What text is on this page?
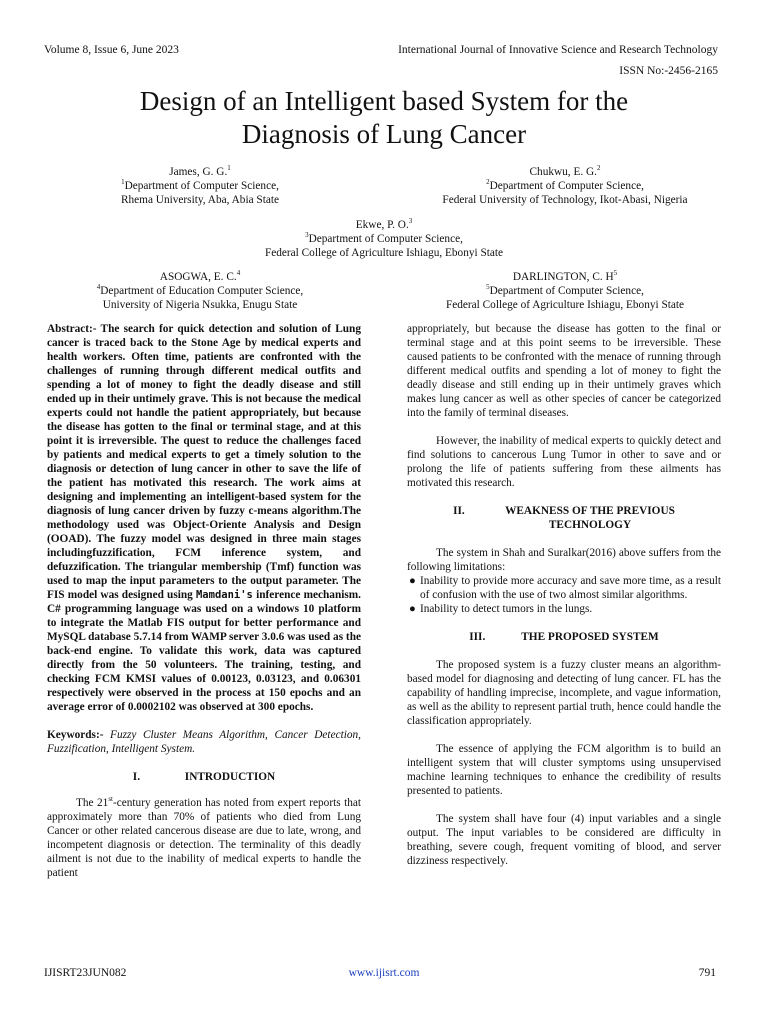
Volume 8, Issue 6, June 2023	International Journal of Innovative Science and Research Technology
ISSN No:-2456-2165
Design of an Intelligent based System for the
Diagnosis of Lung Cancer
James, G. G.$^1$
$^1$Department of Computer Science,
Rhema University, Aba, Abia State
Chukwu, E. G.$^2$
$^2$Department of Computer Science,
Federal University of Technology, Ikot-Abasi, Nigeria
Ekwe, P. O.$^3$
$^3$Department of Computer Science,
Federal College of Agriculture Ishiagu, Ebonyi State
ASOGWA, E. C.$^4$
$^4$Department of Education Computer Science,
University of Nigeria Nsukka, Enugu State
DARLINGTON, C. $H^5$
$^5$Department of Computer Science,
Federal College of Agriculture Ishiagu, Ebonyi State

Abstract:- The search for quick detection and solution of Lung cancer is traced back to the Stone Age by medical experts and health workers. Often time, patients are confronted with the challenges of running through different medical outfits and spending a lot of money to fight the deadly disease and still ended up in their untimely grave. This is not because the medical experts could not handle the patient appropriately, but because the disease has gotten to the final or terminal stage, and at this point it is irreversible. The quest to reduce the challenges faced by patients and medical experts to get a timely solution to the diagnosis or detection of lung cancer in other to save the life of the patient has motivated this research. The work aims at designing and implementing an intelligent-based system for the diagnosis of lung cancer driven by fuzzy c-means algorithm.The methodology used was Object-Oriente Analysis and Design (OOAD). The fuzzy model was designed in three main stages includingfuzzification, FCM inference system, and defuzzification. The triangular membership (Tmf) function was used to map the input parameters to the output parameter. The FIS model was designed using Mamdani's inference mechanism. C# programming language was used on a windows 10 platform to integrate the Matlab FIS output for better performance and MySQL database 5.7.14 from WAMP server 3.0.6 was used as the back-end engine. To validate this work, data was captured directly from the 50 volunteers. The training, testing, and checking FCM KMSI values of 0.00123, 0.03123, and 0.06301 respectively were observed in the process at 150 epochs and an average error of 0.0002102 was observed at 300 epochs.

Keywords:- Fuzzy Cluster Means Algorithm, Cancer Detection, Fuzzification, Intelligent System.

I.	INTRODUCTION

The 21st-century generation has noted from expert reports that approximately more than 70% of patients who died from Lung Cancer or other related cancerous disease are due to late, wrong, and incompetent diagnosis or detection. The terminality of this deadly ailment is not due to the inability of medical experts to handle the patient

appropriately, but because the disease has gotten to the final or terminal stage and at this point seems to be irreversible. These caused patients to be confronted with the menace of running through different medical outfits and spending a lot of money to fight the deadly disease and still ending up in their untimely graves which makes lung cancer as well as other species of cancer be categorized into the family of terminal diseases.

However, the inability of medical experts to quickly detect and find solutions to cancerous Lung Tumor in other to save and or prolong the life of patients suffering from these ailments has motivated this research.

II.	WEAKNESS OF THE PREVIOUS
TECHNOLOGY

The system in Shah and Suralkar(2016) above suffers from the following limitations:

● Inability to provide more accuracy and save more time, as a result of confusion with the use of two almost similar algorithms.
● Inability to detect tumors in the lungs.
III.	THE PROPOSED SYSTEM

The proposed system is a fuzzy cluster means an algorithm-based model for diagnosing and detecting of lung cancer. FL has the capability of handling imprecise, incomplete, and vague information, as well as the ability to represent partial truth, hence could handle the classification appropriately.

The essence of applying the FCM algorithm is to build an intelligent system that will cluster symptoms using unsupervised machine learning techniques to enhance the credibility of results presented to patients.

The system shall have four (4) input variables and a single output. The input variables to be considered are difficulty in breathing, severe cough, frequent vomiting of blood, and server dizziness respectively.

IJISRT23JUN082	www.ijisrt.com	791
